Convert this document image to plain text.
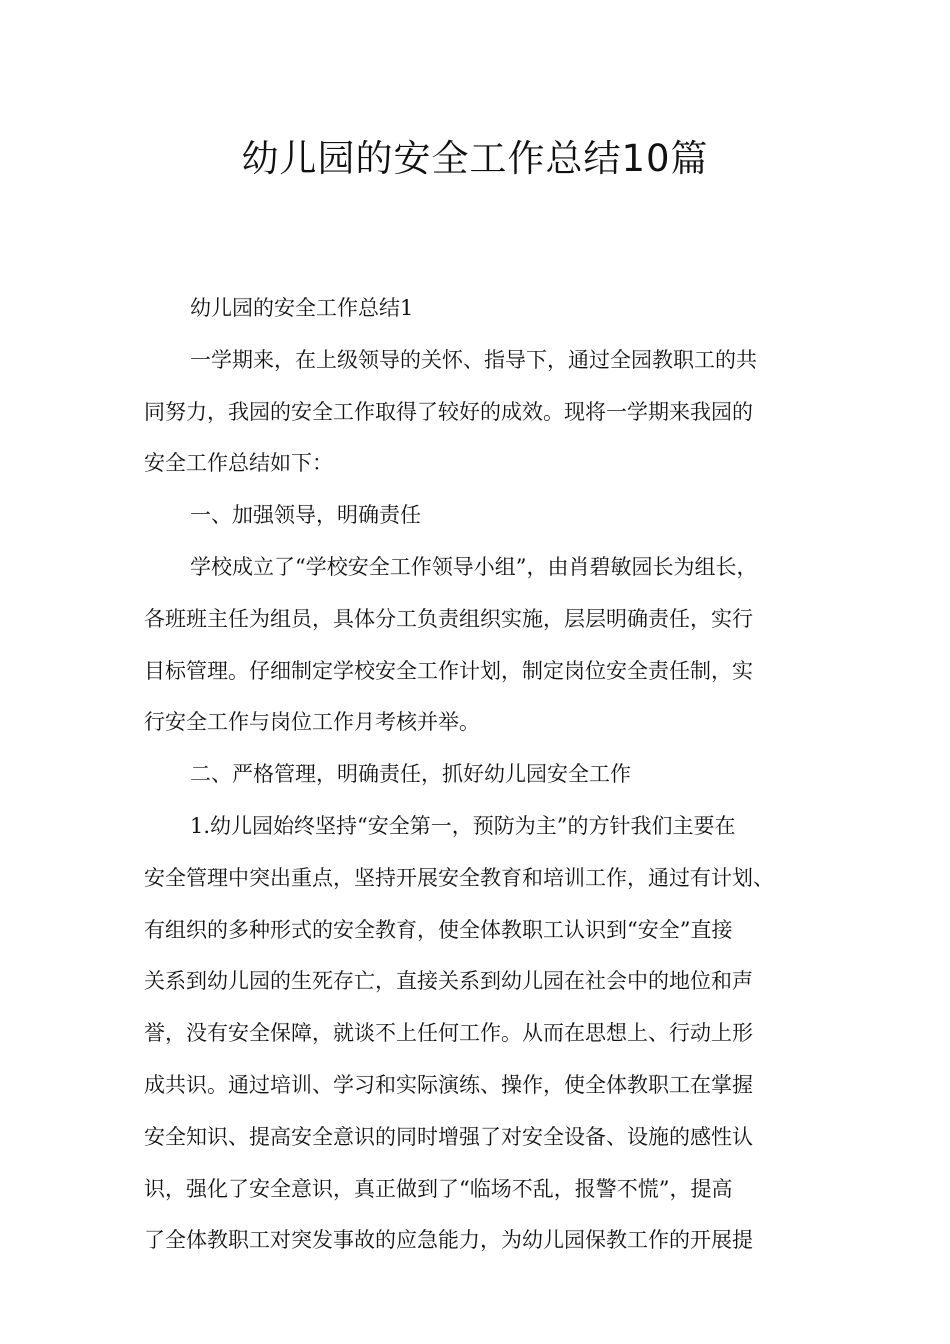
幼儿园的安全工作总结10篇
幼儿园的安全工作总结1
一学期来，在上级领导的关怀、指导下，通过全园教职工的共
同努力，我园的安全工作取得了较好的成效。现将一学期来我园的
安全工作总结如下：
一、加强领导，明确责任
学校成立了“学校安全工作领导小组”，由肖碧敏园长为组长，
各班班主任为组员，具体分工负责组织实施，层层明确责任，实行
目标管理。仔细制定学校安全工作计划，制定岗位安全责任制，实
行安全工作与岗位工作月考核并举。
二、严格管理，明确责任，抓好幼儿园安全工作
1.幼儿园始终坚持“安全第一，预防为主”的方针我们主要在
安全管理中突出重点，坚持开展安全教育和培训工作，通过有计划、
有组织的多种形式的安全教育，使全体教职工认识到“安全”直接
关系到幼儿园的生死存亡，直接关系到幼儿园在社会中的地位和声
誉，没有安全保障，就谈不上任何工作。从而在思想上、行动上形
成共识。通过培训、学习和实际演练、操作，使全体教职工在掌握
安全知识、提高安全意识的同时增强了对安全设备、设施的感性认
识，强化了安全意识，真正做到了“临场不乱，报警不慌”，提高
了全体教职工对突发事故的应急能力，为幼儿园保教工作的开展提
